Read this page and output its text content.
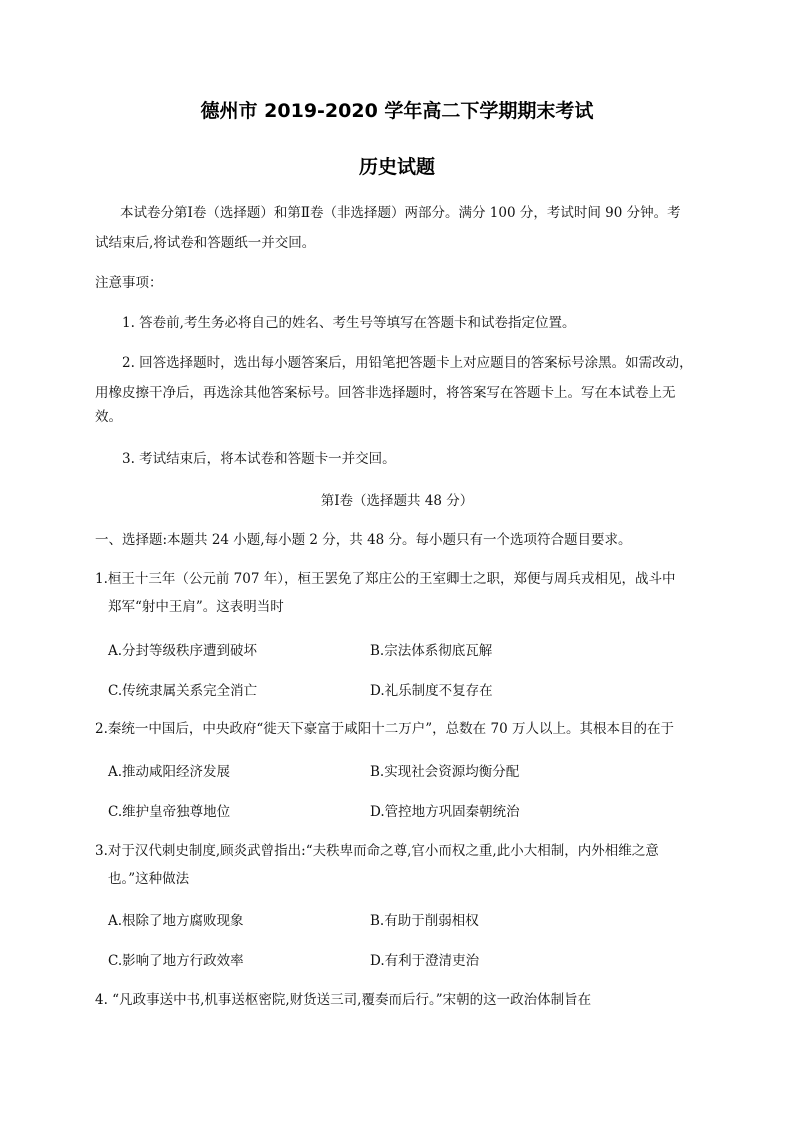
德州市 2019-2020 学年高二下学期期末考试
历史试题
本试卷分第Ⅰ卷（选择题）和第Ⅱ卷（非选择题）两部分。满分 100 分，考试时间 90 分钟。考
试结束后,将试卷和答题纸一并交回。
注意事项：
1. 答卷前,考生务必将自己的姓名、考生号等填写在答题卡和试卷指定位置。
2. 回答选择题时，选出每小题答案后，用铅笔把答题卡上对应题目的答案标号涂黑。如需改动，
用橡皮擦干净后，再选涂其他答案标号。回答非选择题时，将答案写在答题卡上。写在本试卷上无
效。
3. 考试结束后，将本试卷和答题卡一并交回。
第Ⅰ卷（选择题共 48 分）
一、选择题:本题共 24 小题,每小题 2 分，共 48 分。每小题只有一个选项符合题目要求。
1.桓王十三年（公元前 707 年），桓王罢免了郑庄公的王室卿士之职，郑便与周兵戎相见，战斗中
郑军“射中王肩”。这表明当时
A.分封等级秩序遭到破坏	B.宗法体系彻底瓦解
C.传统隶属关系完全消亡	D.礼乐制度不复存在
2.秦统一中国后，中央政府“徙天下豪富于咸阳十二万户”，总数在 70 万人以上。其根本目的在于
A.推动咸阳经济发展	B.实现社会资源均衡分配
C.维护皇帝独尊地位	D.管控地方巩固秦朝统治
3.对于汉代刺史制度,顾炎武曾指出:“夫秩卑而命之尊,官小而权之重,此小大相制，内外相维之意
也。”这种做法
A.根除了地方腐败现象	B.有助于削弱相权
C.影响了地方行政效率	D.有利于澄清吏治
4. “凡政事送中书,机事送枢密院,财货送三司,覆奏而后行。”宋朝的这一政治体制旨在
